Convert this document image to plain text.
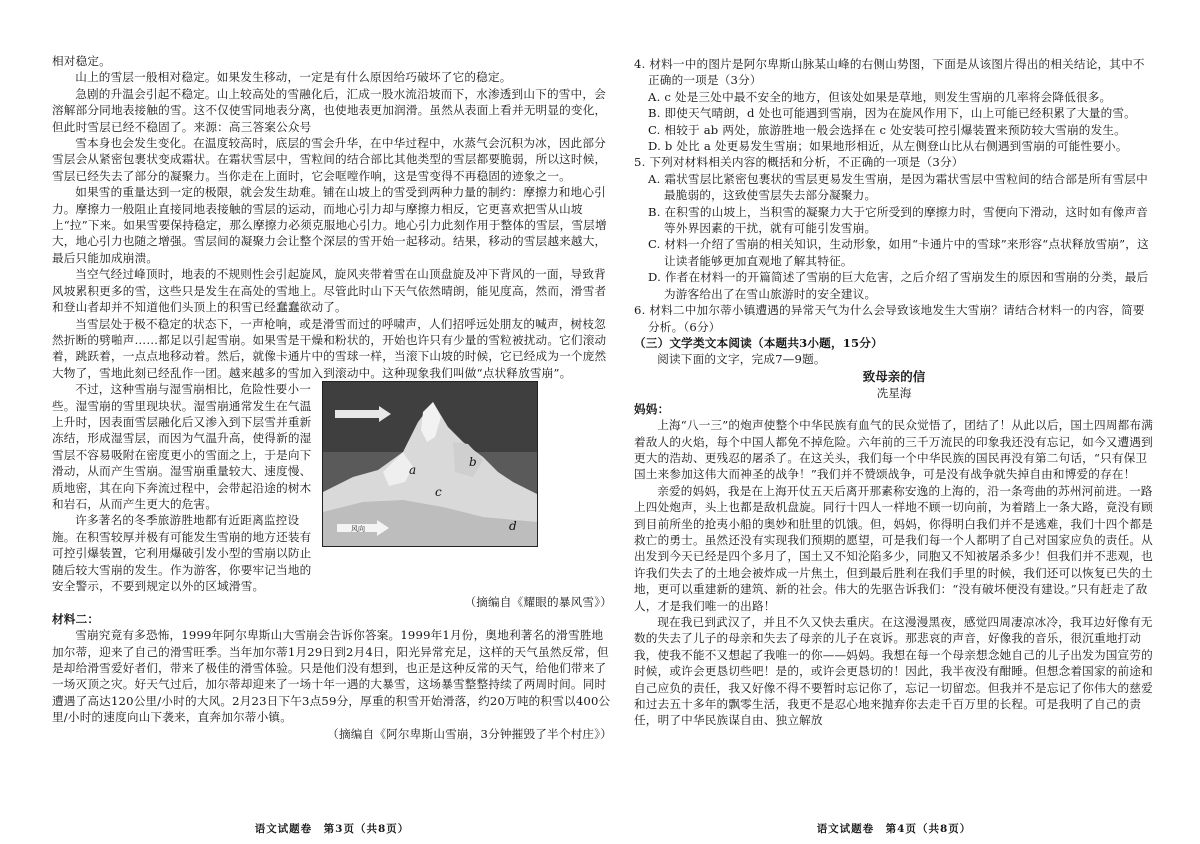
相对稳定。

山上的雪层一般相对稳定。如果发生移动，一定是有什么原因给巧破坏了它的稳定。

急剧的升温会引起不稳定。山上较高处的雪融化后，汇成一股水流沿坡而下，水渗透到山下的雪中，会溶解部分同地表接触的雪。这不仅使雪同地表分离，也使地表更加润滑。虽然从表面上看并无明显的变化，但此时雪层已经不稳固了。来源：高三答案公众号

雪本身也会发生变化。在温度较高时，底层的雪会升华，在中华过程中，水蒸气会沉积为冰，因此部分雪层会从紧密包裹状变成霜状。在霜状雪层中，雪粒间的结合部比其他类型的雪层都要脆弱，所以这时候，雪层已经失去了部分的凝聚力。当你走在上面时，它会哐嘡作响，这是雪变得不再稳固的迹象之一。

如果雪的重量达到一定的极限，就会发生劫难。铺在山坡上的雪受到两种力量的制约：摩擦力和地心引力。摩擦力一般阻止直接同地表接触的雪层的运动，而地心引力却与摩擦力相反，它更喜欢把雪从山坡上“拉”下来。如果雪要保持稳定，那么摩擦力必须克服地心引力。地心引力此刻作用于整体的雪层，雪层增大，地心引力也随之增强。雪层间的凝聚力会让整个深层的雪开始一起移动。结果，移动的雪层越来越大，最后只能加成崩溃。

当空气经过峰顶时，地表的不规则性会引起旋风，旋风夹带着雪在山顶盘旋及冲下背风的一面，导致背风坡累积更多的雪，这些只是发生在高处的雪地上。尽管此时山下天气依然晴朗，能见度高，然而，滑雪者和登山者却并不知道他们头顶上的积雪已经蠢蠢欲动了。

当雪层处于极不稳定的状态下，一声枪响，或是滑雪而过的呼啸声，人们招呼远处朋友的喊声，树枝忽然折断的劈啪声……都足以引起雪崩。如果雪是干燥和粉状的，开始也许只有少量的雪粒被扰动。它们滚动着，跳跃着，一点点地移动着。然后，就像卡通片中的雪球一样，当滚下山坡的时候，它已经成为一个庞然大物了，雪地此刻已经乱作一团。越来越多的雪加入到滚动中。这种现象我们叫做“点状释放雪崩”。

风向
a
b
c
d

不过，这种雪崩与湿雪崩相比，危险性要小一些。湿雪崩的雪里现块状。湿雪崩通常发生在气温上升时，因表面雪层融化后又渗入到下层雪并重新冻结，形成湿雪层，而因为气温升高，使得新的湿雪层不容易吸附在密度更小的雪面之上，于是向下滑动，从而产生雪崩。湿雪崩重量较大、速度慢、质地密，其在向下奔流过程中，会带起沿途的树木和岩石，从而产生更大的危害。

许多著名的冬季旅游胜地都有近距离监控设施。在积雪较厚并极有可能发生雪崩的地方还装有可控引爆装置，它利用爆破引发小型的雪崩以防止随后较大雪崩的发生。作为游客，你要牢记当地的安全警示，不要到规定以外的区域滑雪。

（摘编自《耀眼的暴风雪》）

材料二：

雪崩究竟有多恐怖，1999年阿尔卑斯山大雪崩会告诉你答案。1999年1月份，奥地利著名的滑雪胜地加尔蒂，迎来了自己的滑雪旺季。当年加尔蒂1月29日到2月4日，阳光异常充足，这样的天气虽然反常，但是却给滑雪爱好者们，带来了极佳的滑雪体验。只是他们没有想到，也正是这种反常的天气，给他们带来了一场灭顶之灾。好天气过后，加尔蒂却迎来了一场十年一遇的大暴雪，这场暴雪整整持续了两周时间。同时遭遇了高达120公里/小时的大风。2月23日下午3点59分，厚重的积雪开始滑落，约20万吨的积雪以400公里/小时的速度向山下袭来，直奔加尔蒂小镇。

（摘编自《阿尔卑斯山雪崩，3分钟摧毁了半个村庄》）

语文试题卷　第3页（共8页）

4. 材料一中的图片是阿尔卑斯山脉某山峰的右侧山势图，下面是从该图片得出的相关结论，其中不正确的一项是（3分）

A. c 处是三处中最不安全的地方，但该处如果是草地，则发生雪崩的几率将会降低很多。

B. 即使天气晴朗，d 处也可能遇到雪崩，因为在旋风作用下，山上可能已经积累了大量的雪。

C. 相较于 ab 两处，旅游胜地一般会选择在 c 处安装可控引爆装置来预防较大雪崩的发生。

D. b 处比 a 处更易发生雪崩；如果地形相近，从左侧登山比从右侧遇到雪崩的可能性要小。

5. 下列对材料相关内容的概括和分析，不正确的一项是（3分）

A. 霜状雪层比紧密包裹状的雪层更易发生雪崩，是因为霜状雪层中雪粒间的结合部是所有雪层中最脆弱的，这致使雪层失去部分凝聚力。

B. 在积雪的山坡上，当积雪的凝聚力大于它所受到的摩擦力时，雪便向下滑动，这时如有像声音等外界因素的干扰，就有可能引发雪崩。

C. 材料一介绍了雪崩的相关知识，生动形象，如用“卡通片中的雪球”来形容“点状释放雪崩”，这让读者能够更加直观地了解其特征。

D. 作者在材料一的开篇简述了雪崩的巨大危害，之后介绍了雪崩发生的原因和雪崩的分类，最后为游客给出了在雪山旅游时的安全建议。

6. 材料二中加尔蒂小镇遭遇的异常天气为什么会导致该地发生大雪崩？请结合材料一的内容，简要分析。（6分）

（三）文学类文本阅读（本题共3小题，15分）

阅读下面的文字，完成7—9题。

致母亲的信
冼星海

妈妈：

上海“八一三”的炮声使整个中华民族有血气的民众觉悟了，团结了！从此以后，国土四周都布满着敌人的火焰，每个中国人都免不掉危险。六年前的三千万流民的印象我还没有忘记，如今又遭遇到更大的浩劫、更残忍的屠杀了。在这关头，我们每一个中华民族的国民再没有第二句话，“只有保卫国土来参加这伟大而神圣的战争！”我们并不赞颂战争，可是没有战争就失掉自由和博爱的存在！

亲爱的妈妈，我是在上海开仗五天后离开那素称安逸的上海的，沿一条弯曲的苏州河前进。一路上四处炮声，头上也都是敌机盘旋。同行十四人一样地不顾一切向前，为着踏上一条大路，竟没有顾到目前所坐的抢夷小船的奥妙和肚里的饥饿。但，妈妈，你得明白我们并不是逃难，我们十四个都是救亡的勇士。虽然还没有实现我们预期的愿望，可是我们每一个人都明了自己对国家应负的责任。从出发到今天已经是四个多月了，国土又不知沦陷多少，同胞又不知被屠杀多少！但我们并不悲观，也许我们失去了的土地会被炸成一片焦土，但到最后胜利在我们手里的时候，我们还可以恢复已失的土地，更可以重建新的建筑、新的社会。伟大的先驱告诉我们：“没有破坏便没有建设。”只有赶走了敌人，才是我们唯一的出路！

现在我已到武汉了，并且不久又快去重庆。在这漫漫黑夜，感觉四周凄凉冰冷，我耳边好像有无数的失去了儿子的母亲和失去了母亲的儿子在哀诉。那悲哀的声音，好像我的音乐，很沉重地打动我，使我不能不又想起了我唯一的你——妈妈。我想在每一个母亲想念她自己的儿子出发为国宣劳的时候，或许会更恳切些吧！是的，或许会更恳切的！因此，我半夜没有酣睡。但想念着国家的前途和自己应负的责任，我又好像不得不要暂时忘记你了，忘记一切留恋。但我并不是忘记了你伟大的慈爱和过去五十多年的飘零生活，我更不是忍心地来抛弃你去走千百万里的长程。可是我明了自己的责任，明了中华民族谋自由、独立解放

语文试题卷　第4页（共8页）
